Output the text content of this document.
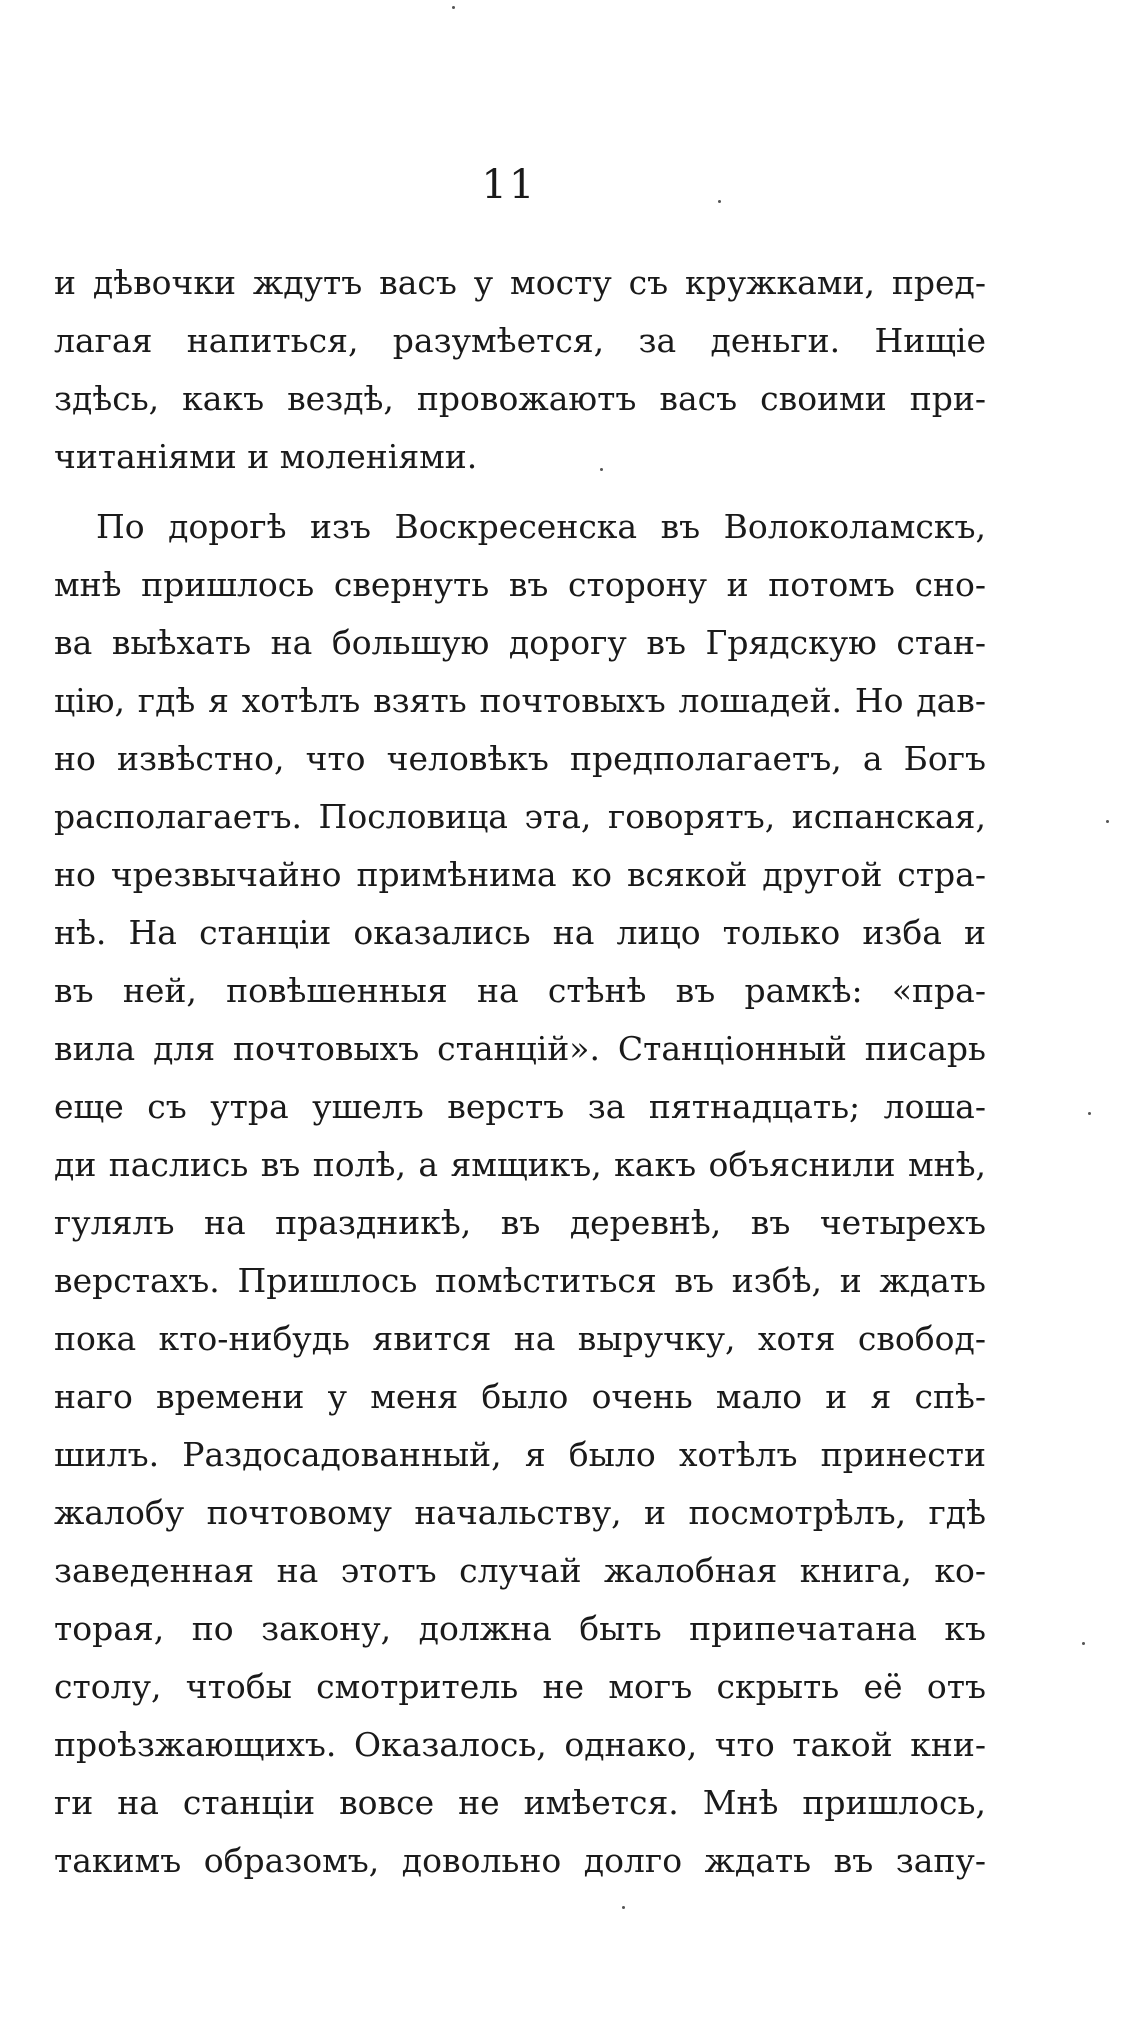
11
и дѣвочки ждутъ васъ у мосту съ кружками, пред-
лагая напиться, разумѣется, за деньги. Нищіе
здѣсь, какъ вездѣ, провожаютъ васъ своими при-
читаніями и моленіями.
По дорогѣ изъ Воскресенска въ Волоколамскъ,
мнѣ пришлось свернуть въ сторону и потомъ сно-
ва выѣхать на большую дорогу въ Грядскую стан-
цію, гдѣ я хотѣлъ взять почтовыхъ лошадей. Но дав-
но извѣстно, что человѣкъ предполагаетъ, а Богъ
располагаетъ. Пословица эта, говорятъ, испанская,
но чрезвычайно примѣнима ко всякой другой стра-
нѣ. На станціи оказались на лицо только изба и
въ ней, повѣшенныя на стѣнѣ въ рамкѣ: «пра-
вила для почтовыхъ станцій». Станціонный писарь
еще съ утра ушелъ верстъ за пятнадцать; лоша-
ди паслись въ полѣ, а ямщикъ, какъ объяснили мнѣ,
гулялъ на праздникѣ, въ деревнѣ, въ четырехъ
верстахъ. Пришлось помѣститься въ избѣ, и ждать
пока кто-нибудь явится на выручку, хотя свобод-
наго времени у меня было очень мало и я спѣ-
шилъ. Раздосадованный, я было хотѣлъ принести
жалобу почтовому начальству, и посмотрѣлъ, гдѣ
заведенная на этотъ случай жалобная книга, ко-
торая, по закону, должна быть припечатана къ
столу, чтобы смотритель не могъ скрыть её отъ
проѣзжающихъ. Оказалось, однако, что такой кни-
ги на станціи вовсе не имѣется. Мнѣ пришлось,
такимъ образомъ, довольно долго ждать въ запу-
